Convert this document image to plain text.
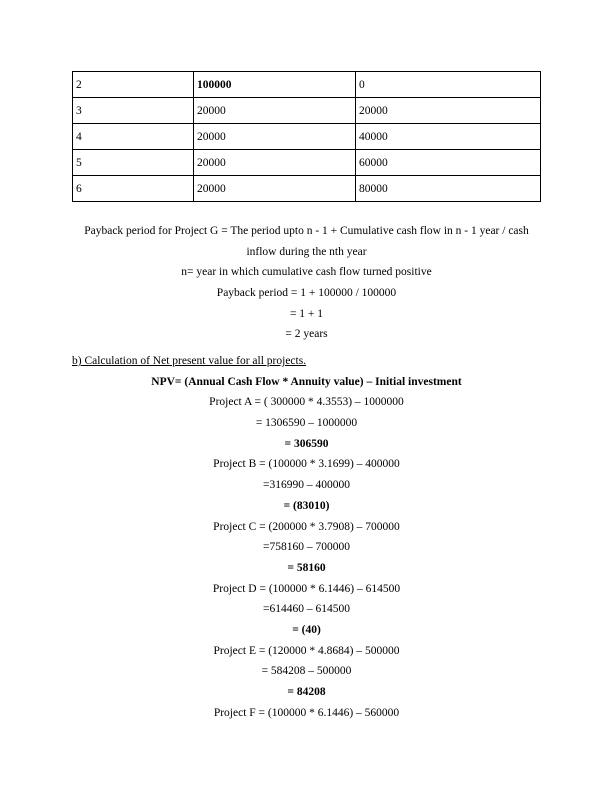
2	100000	0
3	20000	20000
4	20000	40000
5	20000	60000
6	20000	80000
Payback period for Project G = The period upto n - 1 + Cumulative cash flow in n - 1 year / cash inflow during the nth year
n= year in which cumulative cash flow turned positive
Payback period = 1 + 100000 / 100000
= 1 + 1
= 2 years
b) Calculation of Net present value for all projects.
NPV= (Annual Cash Flow * Annuity value) – Initial investment
Project A = ( 300000 * 4.3553) – 1000000
= 1306590 – 1000000
= 306590
Project B = (100000 * 3.1699) – 400000
=316990 – 400000
= (83010)
Project C = (200000 * 3.7908) – 700000
=758160 – 700000
= 58160
Project D = (100000 * 6.1446) – 614500
=614460 – 614500
= (40)
Project E = (120000 * 4.8684) – 500000
= 584208 – 500000
= 84208
Project F = (100000 * 6.1446) – 560000
